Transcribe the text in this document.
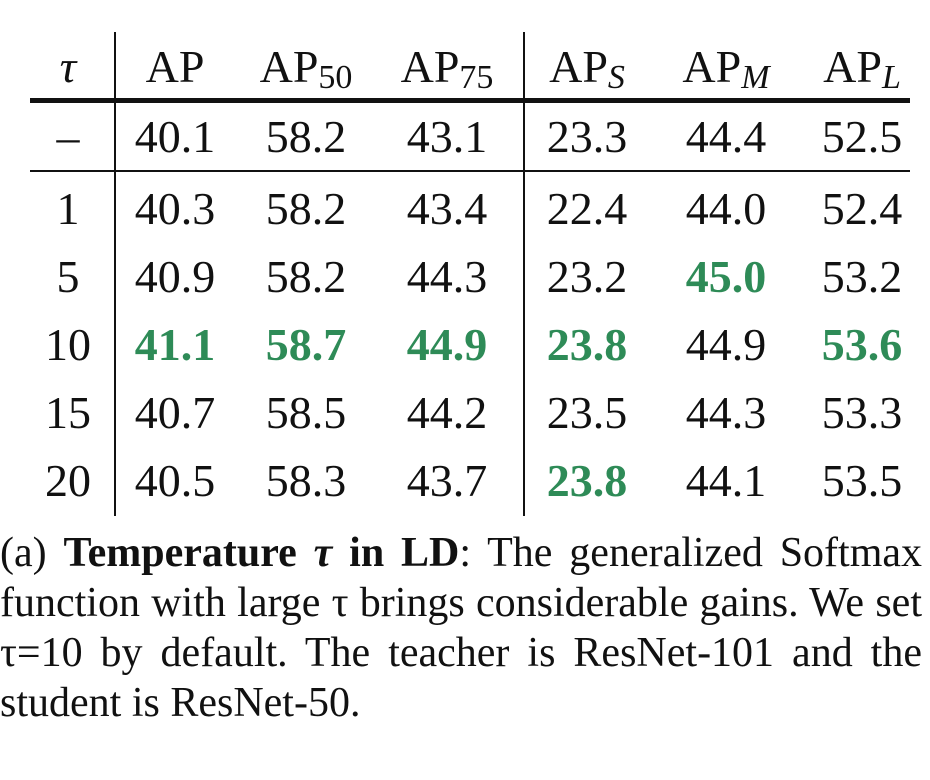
τ AP $AP_{50}$ $AP_{75}$ $AP_S$ $AP_M$ $AP_L$
– 40.1 58.2 43.1 23.3 44.4 52.5
1 40.3 58.2 43.4 22.4 44.0 52.4
5 40.9 58.2 44.3 23.2 45.0 53.2
10 41.1 58.7 44.9 23.8 44.9 53.6
15 40.7 58.5 44.2 23.5 44.3 53.3
20 40.5 58.3 43.7 23.8 44.1 53.5
(a) Temperature τ in LD: The generalized Softmax function with large τ brings considerable gains. We set τ=10 by default. The teacher is ResNet-101 and the student is ResNet-50.
